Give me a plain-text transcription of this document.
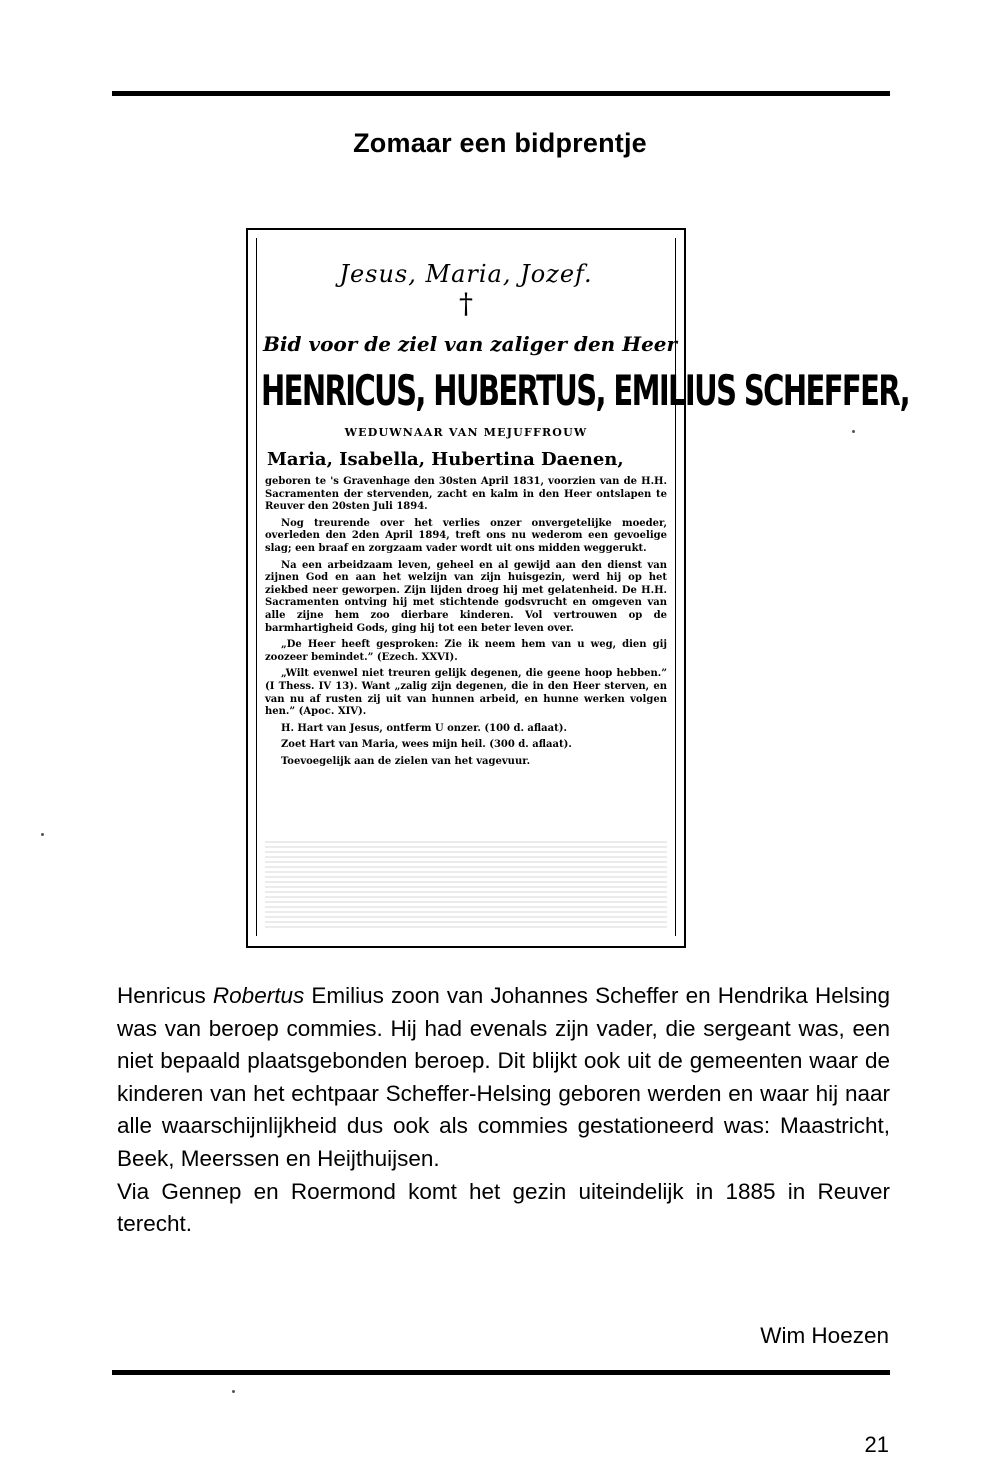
Zomaar een bidprentje
Jesus, Maria, Jozef.
†
Bid voor de ziel van zaliger den Heer
HENRICUS, HUBERTUS, EMILIUS SCHEFFER,
WEDUWNAAR VAN MEJUFFROUW
Maria, Isabella, Hubertina Daenen,

geboren te 's Gravenhage den 30sten April 1831, voorzien van de H.H. Sacramenten der stervenden, zacht en kalm in den Heer ontslapen te Reuver den 20sten Juli 1894.

Nog treurende over het verlies onzer onvergetelijke moeder, overleden den 2den April 1894, treft ons nu wederom een gevoelige slag; een braaf en zorgzaam vader wordt uit ons midden weggerukt.

Na een arbeidzaam leven, geheel en al gewijd aan den dienst van zijnen God en aan het welzijn van zijn huisgezin, werd hij op het ziekbed neer geworpen. Zijn lijden droeg hij met gelatenheid. De H.H. Sacramenten ontving hij met stichtende godsvrucht en omgeven van alle zijne hem zoo dierbare kinderen. Vol vertrouwen op de barmhartigheid Gods, ging hij tot een beter leven over.

„De Heer heeft gesproken: Zie ik neem hem van u weg, dien gij zoozeer bemindet.” (Ezech. XXVI).

„Wilt evenwel niet treuren gelijk degenen, die geene hoop hebben.” (I Thess. IV 13). Want „zalig zijn degenen, die in den Heer sterven, en van nu af rusten zij uit van hunnen arbeid, en hunne werken volgen hen.” (Apoc. XIV).

H. Hart van Jesus, ontferm U onzer. (100 d. aflaat).

Zoet Hart van Maria, wees mijn heil. (300 d. aflaat).

Toevoegelijk aan de zielen van het vagevuur.

Henricus Robertus Emilius zoon van Johannes Scheffer en Hendrika Helsing was van beroep commies. Hij had evenals zijn vader, die sergeant was, een niet bepaald plaatsgebonden beroep. Dit blijkt ook uit de gemeenten waar de kinderen van het echtpaar Scheffer-Helsing geboren werden en waar hij naar alle waarschijnlijkheid dus ook als commies gestationeerd was: Maastricht, Beek, Meerssen en Heijthuijsen.

Via Gennep en Roermond komt het gezin uiteindelijk in 1885 in Reuver terecht.

Wim Hoezen
21
